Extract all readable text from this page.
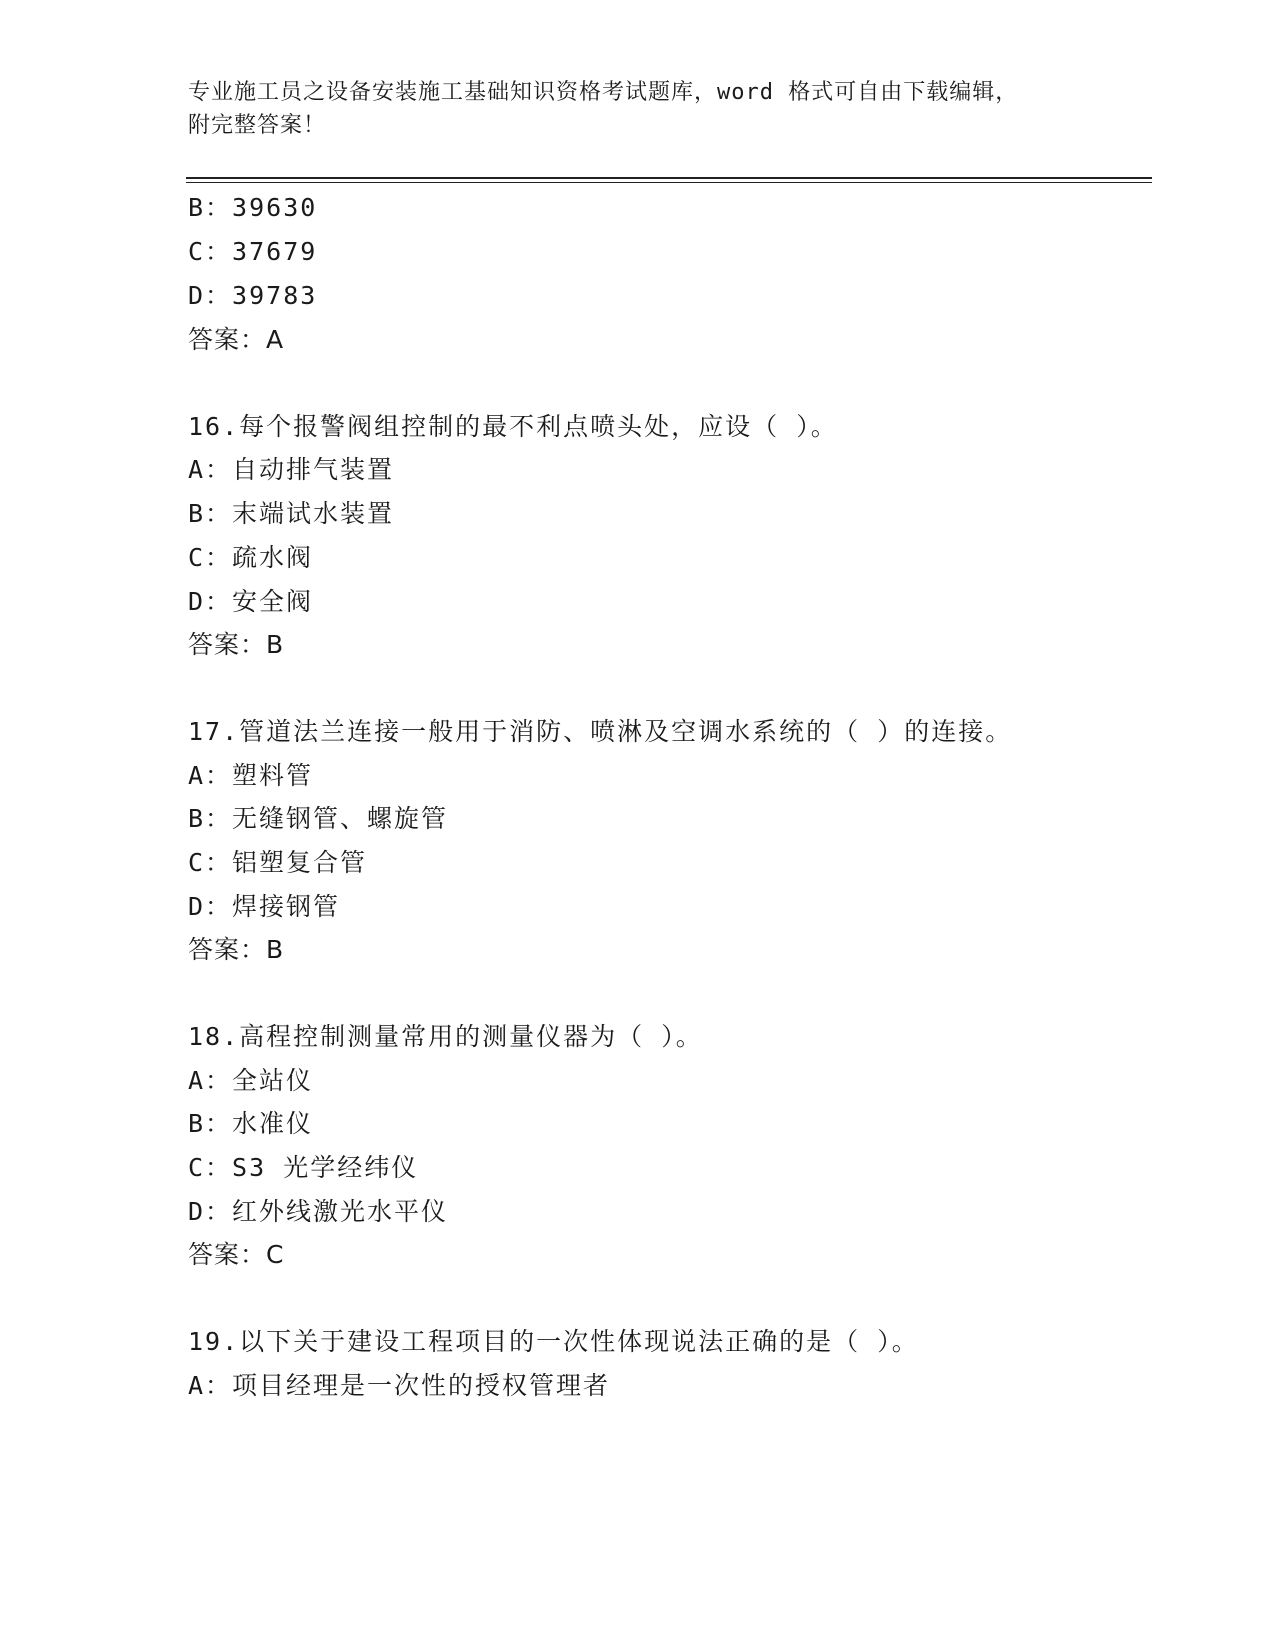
专业施工员之设备安装施工基础知识资格考试题库，word 格式可自由下载编辑，
附完整答案！
B：39630
C：37679
D：39783
答案：A
16.每个报警阀组控制的最不利点喷头处，应设（ ）。
A：自动排气装置
B：末端试水装置
C：疏水阀
D：安全阀
答案：B
17.管道法兰连接一般用于消防、喷淋及空调水系统的（ ）的连接。
A：塑料管
B：无缝钢管、螺旋管
C：铝塑复合管
D：焊接钢管
答案：B
18.高程控制测量常用的测量仪器为（ ）。
A：全站仪
B：水准仪
C：S3 光学经纬仪
D：红外线激光水平仪
答案：C
19.以下关于建设工程项目的一次性体现说法正确的是（ ）。
A：项目经理是一次性的授权管理者
